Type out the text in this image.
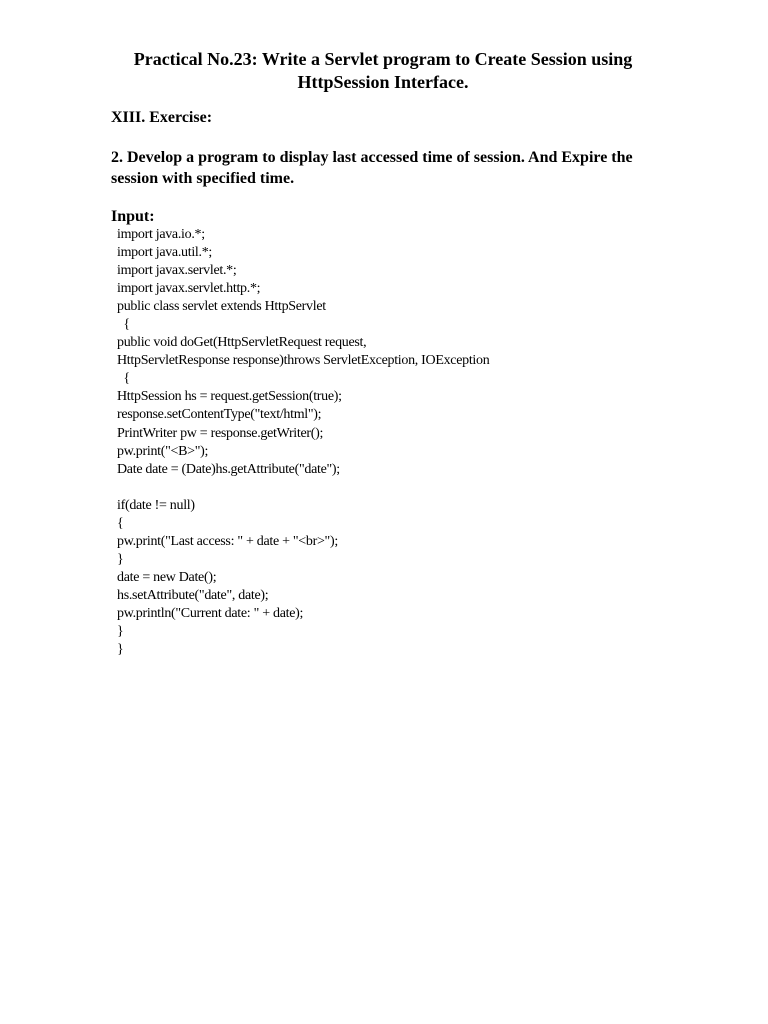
Practical No.23: Write a Servlet program to Create Session using
HttpSession Interface.

XIII. Exercise:

2. Develop a program to display last accessed time of session. And Expire the
session with specified time.

Input:

import java.io.*;
import java.util.*;
import javax.servlet.*;
import javax.servlet.http.*;
public class servlet extends HttpServlet
{
public void doGet(HttpServletRequest request,
HttpServletResponse response)throws ServletException, IOException
{
HttpSession hs = request.getSession(true);
response.setContentType("text/html");
PrintWriter pw = response.getWriter();
pw.print("<B>");
Date date = (Date)hs.getAttribute("date");
if(date != null)
{
pw.print("Last access: " + date + "<br>");
}
date = new Date();
hs.setAttribute("date", date);
pw.println("Current date: " + date);
}
}
